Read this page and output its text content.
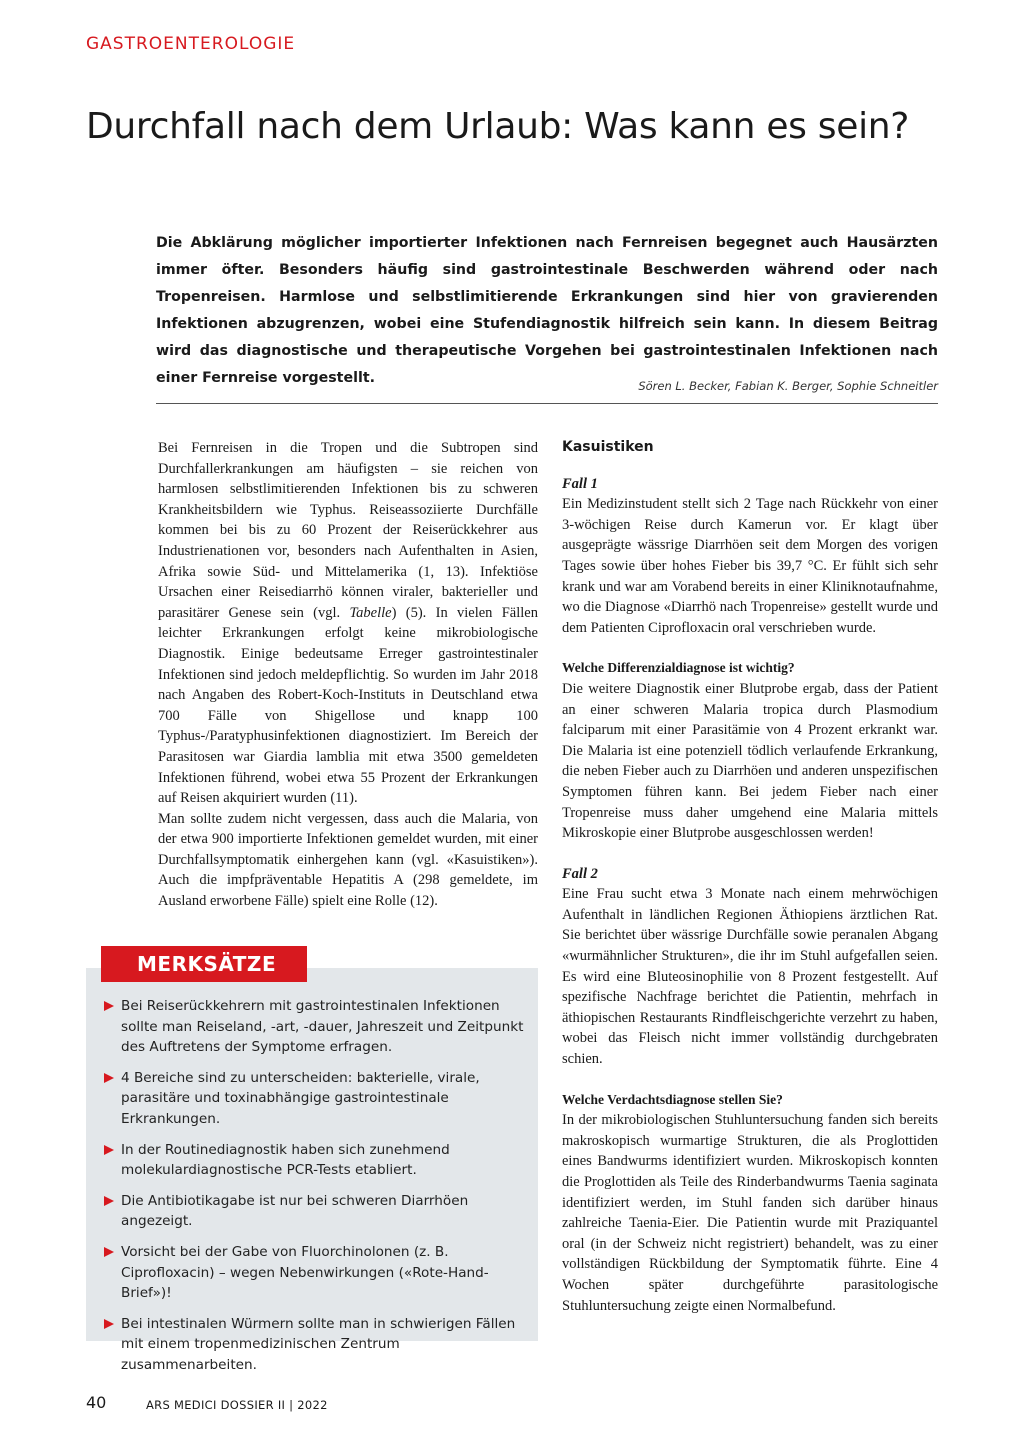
GASTROENTEROLOGIE
Durchfall nach dem Urlaub: Was kann es sein?

Die Abklärung möglicher importierter Infektionen nach Fernreisen begegnet auch Hausärzten immer öfter. Besonders häufig sind gastrointestinale Beschwerden während oder nach Tropenreisen. Harmlose und selbstlimitierende Erkrankungen sind hier von gravierenden Infektionen abzugrenzen, wobei eine Stufendiagnostik hilfreich sein kann. In diesem Beitrag wird das diagnostische und therapeutische Vorgehen bei gastrointestinalen Infektionen nach einer Fernreise vorgestellt.	Sören L. Becker, Fabian K. Berger, Sophie Schneitler

Bei Fernreisen in die Tropen und die Subtropen sind Durchfallerkrankungen am häufigsten – sie reichen von harmlosen selbstlimitierenden Infektionen bis zu schweren Krankheitsbildern wie Typhus. Reiseassoziierte Durchfälle kommen bei bis zu 60 Prozent der Reiserückkehrer aus Industrienationen vor, besonders nach Aufenthalten in Asien, Afrika sowie Süd- und Mittelamerika (1, 13). Infektiöse Ursachen einer Reisediarrhö können viraler, bakterieller und parasitärer Genese sein (vgl. Tabelle) (5). In vielen Fällen leichter Erkrankungen erfolgt keine mikrobiologische Diagnostik. Einige bedeutsame Erreger gastrointestinaler Infektionen sind jedoch meldepflichtig. So wurden im Jahr 2018 nach Angaben des Robert-Koch-Instituts in Deutschland etwa 700 Fälle von Shigellose und knapp 100 Typhus-/Paratyphusinfektionen diagnostiziert. Im Bereich der Parasitosen war Giardia lamblia mit etwa 3500 gemeldeten Infektionen führend, wobei etwa 55 Prozent der Erkrankungen auf Reisen akquiriert wurden (11).

Man sollte zudem nicht vergessen, dass auch die Malaria, von der etwa 900 importierte Infektionen gemeldet wurden, mit einer Durchfallsymptomatik einhergehen kann (vgl. «Kasuistiken»). Auch die impfpräventable Hepatitis A (298 gemeldete, im Ausland erworbene Fälle) spielt eine Rolle (12).

MERKSÄTZE
Bei Reiserückkehrern mit gastrointestinalen Infektionen sollte man Reiseland, -art, -dauer, Jahreszeit und Zeitpunkt des Auftretens der Symptome erfragen.
4 Bereiche sind zu unterscheiden: bakterielle, virale, parasitäre und toxinabhängige gastrointestinale Erkrankungen.
In der Routinediagnostik haben sich zunehmend molekulardiagnostische PCR-Tests etabliert.
Die Antibiotikagabe ist nur bei schweren Diarrhöen angezeigt.
Vorsicht bei der Gabe von Fluorchinolonen (z. B. Ciprofloxacin) – wegen Nebenwirkungen («Rote-Hand-Brief»)!
Bei intestinalen Würmern sollte man in schwierigen Fällen mit einem tropenmedizinischen Zentrum zusammenarbeiten.
Kasuistiken
Fall 1

Ein Medizinstudent stellt sich 2 Tage nach Rückkehr von einer 3-wöchigen Reise durch Kamerun vor. Er klagt über ausgeprägte wässrige Diarrhöen seit dem Morgen des vorigen Tages sowie über hohes Fieber bis 39,7 °C. Er fühlt sich sehr krank und war am Vorabend bereits in einer Kliniknotaufnahme, wo die Diagnose «Diarrhö nach Tropenreise» gestellt wurde und dem Patienten Ciprofloxacin oral verschrieben wurde.

Welche Differenzialdiagnose ist wichtig?

Die weitere Diagnostik einer Blutprobe ergab, dass der Patient an einer schweren Malaria tropica durch Plasmodium falciparum mit einer Parasitämie von 4 Prozent erkrankt war. Die Malaria ist eine potenziell tödlich verlaufende Erkrankung, die neben Fieber auch zu Diarrhöen und anderen unspezifischen Symptomen führen kann. Bei jedem Fieber nach einer Tropenreise muss daher umgehend eine Malaria mittels Mikroskopie einer Blutprobe ausgeschlossen werden!

Fall 2

Eine Frau sucht etwa 3 Monate nach einem mehrwöchigen Aufenthalt in ländlichen Regionen Äthiopiens ärztlichen Rat. Sie berichtet über wässrige Durchfälle sowie peranalen Abgang «wurmähnlicher Strukturen», die ihr im Stuhl aufgefallen seien. Es wird eine Bluteosinophilie von 8 Prozent festgestellt. Auf spezifische Nachfrage berichtet die Patientin, mehrfach in äthiopischen Restaurants Rindfleischgerichte verzehrt zu haben, wobei das Fleisch nicht immer vollständig durchgebraten schien.

Welche Verdachtsdiagnose stellen Sie?

In der mikrobiologischen Stuhluntersuchung fanden sich bereits makroskopisch wurmartige Strukturen, die als Proglottiden eines Bandwurms identifiziert wurden. Mikroskopisch konnten die Proglottiden als Teile des Rinderbandwurms Taenia saginata identifiziert werden, im Stuhl fanden sich darüber hinaus zahlreiche Taenia-Eier. Die Patientin wurde mit Praziquantel oral (in der Schweiz nicht registriert) behandelt, was zu einer vollständigen Rückbildung der Symptomatik führte. Eine 4 Wochen später durchgeführte parasitologische Stuhluntersuchung zeigte einen Normalbefund.

40	ARS MEDICI DOSSIER II | 2022
